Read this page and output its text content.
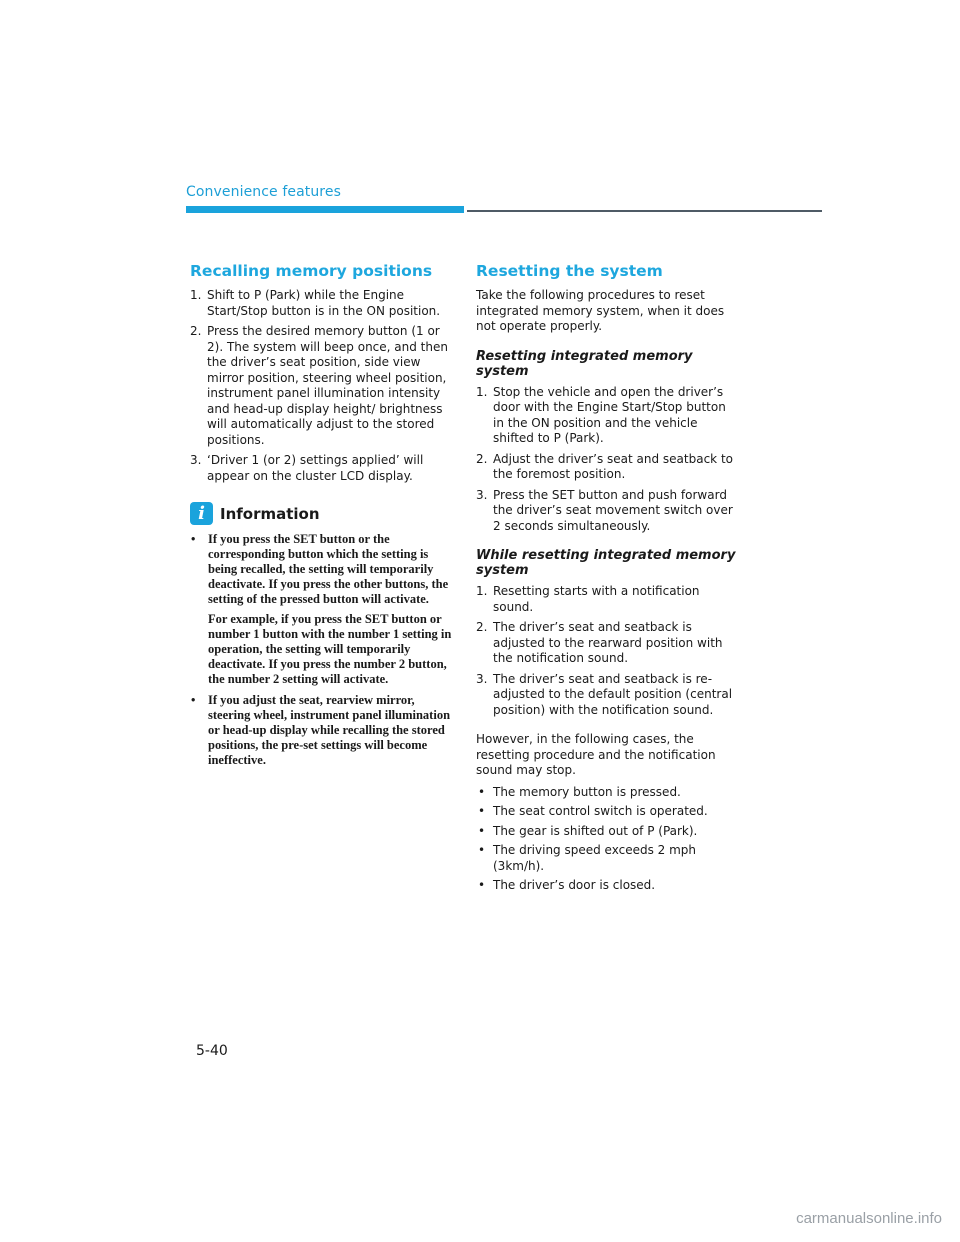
Convenience features
Recalling memory positions
1. Shift to P (Park) while the Engine Start/Stop button is in the ON position.
2. Press the desired memory button (1 or 2). The system will beep once, and then the driver’s seat position, side view mirror position, steering wheel position, instrument panel illumination intensity and head-up display height/ brightness will automatically adjust to the stored positions.
3. ‘Driver 1 (or 2) settings applied’ will appear on the cluster LCD display.
i	Information
• If you press the SET button or the corresponding button which the setting is being recalled, the setting will temporarily deactivate. If you press the other buttons, the setting of the pressed button will activate.

For example, if you press the SET button or number 1 button with the number 1 setting in operation, the setting will temporarily deactivate. If you press the number 2 button, the number 2 setting will activate.

• If you adjust the seat, rearview mirror, steering wheel, instrument panel illumination or head-up display while recalling the stored positions, the pre-set settings will become ineffective.

Resetting the system

Take the following procedures to reset integrated memory system, when it does not operate properly.

Resetting integrated memory system
1. Stop the vehicle and open the driver’s door with the Engine Start/Stop button in the ON position and the vehicle shifted to P (Park).
2. Adjust the driver’s seat and seatback to the foremost position.
3. Press the SET button and push forward the driver’s seat movement switch over 2 seconds simultaneously.
While resetting integrated memory system
1. Resetting starts with a notification sound.
2. The driver’s seat and seatback is adjusted to the rearward position with the notification sound.
3. The driver’s seat and seatback is re-adjusted to the default position (central position) with the notification sound.

However, in the following cases, the resetting procedure and the notification sound may stop.

• The memory button is pressed.
• The seat control switch is operated.
• The gear is shifted out of P (Park).
• The driving speed exceeds 2 mph (3km/h).
• The driver’s door is closed.
5-40
carmanualsonline.info
